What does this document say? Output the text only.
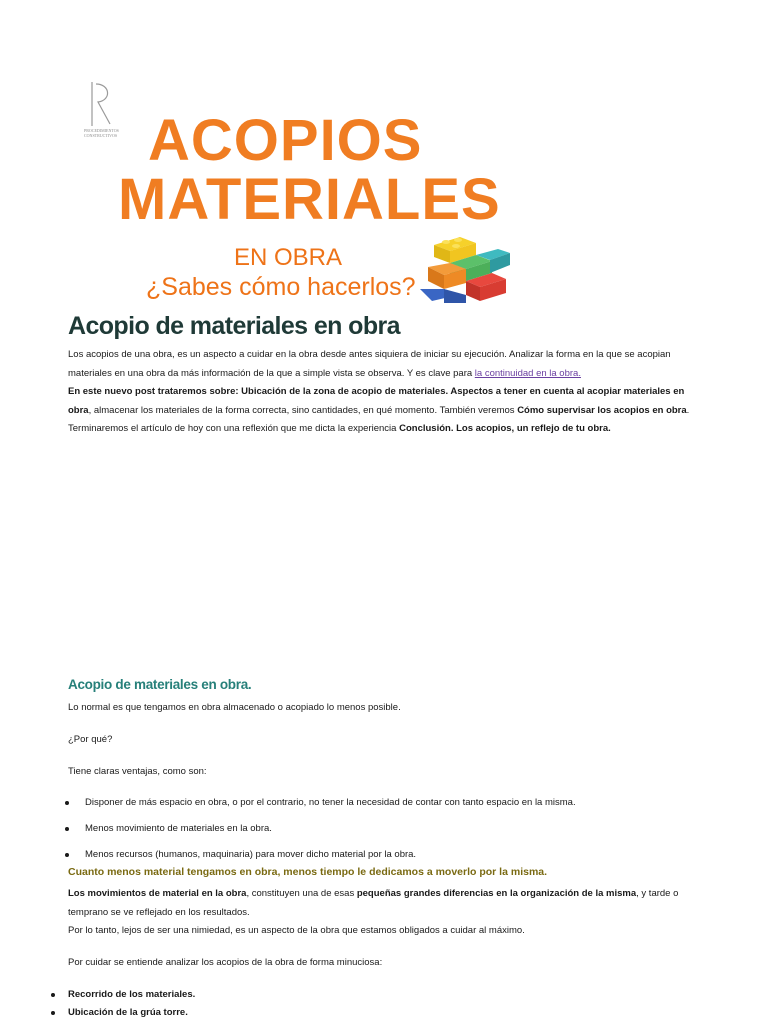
PROCEDIMIENTOS CONSTRUCTIVOS ACOPIOS
MATERIALES
EN OBRA
¿Sabes cómo hacerlos?
Acopio de materiales en obra
Los acopios de una obra, es un aspecto a cuidar en la obra desde antes siquiera de iniciar su ejecución. Analizar la forma en la que se acopian materiales en una obra da más información de la que a simple vista se observa. Y es clave para la continuidad en la obra.
En este nuevo post trataremos sobre: Ubicación de la zona de acopio de materiales. Aspectos a tener en cuenta al acopiar materiales en obra, almacenar los materiales de la forma correcta, sino cantidades, en qué momento. También veremos Cómo supervisar los acopios en obra. Terminaremos el artículo de hoy con una reflexión que me dicta la experiencia Conclusión. Los acopios, un reflejo de tu obra.
Acopio de materiales en obra.
Lo normal es que tengamos en obra almacenado o acopiado lo menos posible.
¿Por qué?
Tiene claras ventajas, como son:
Disponer de más espacio en obra, o por el contrario, no tener la necesidad de contar con tanto espacio en la misma.
Menos movimiento de materiales en la obra.
Menos recursos (humanos, maquinaria) para mover dicho material por la obra.
Cuanto menos material tengamos en obra, menos tiempo le dedicamos a moverlo por la misma.
Los movimientos de material en la obra, constituyen una de esas pequeñas grandes diferencias en la organización de la misma, y tarde o temprano se ve reflejado en los resultados.
Por lo tanto, lejos de ser una nimiedad, es un aspecto de la obra que estamos obligados a cuidar al máximo.
Por cuidar se entiende analizar los acopios de la obra de forma minuciosa:
Recorrido de los materiales.
Ubicación de la grúa torre.
